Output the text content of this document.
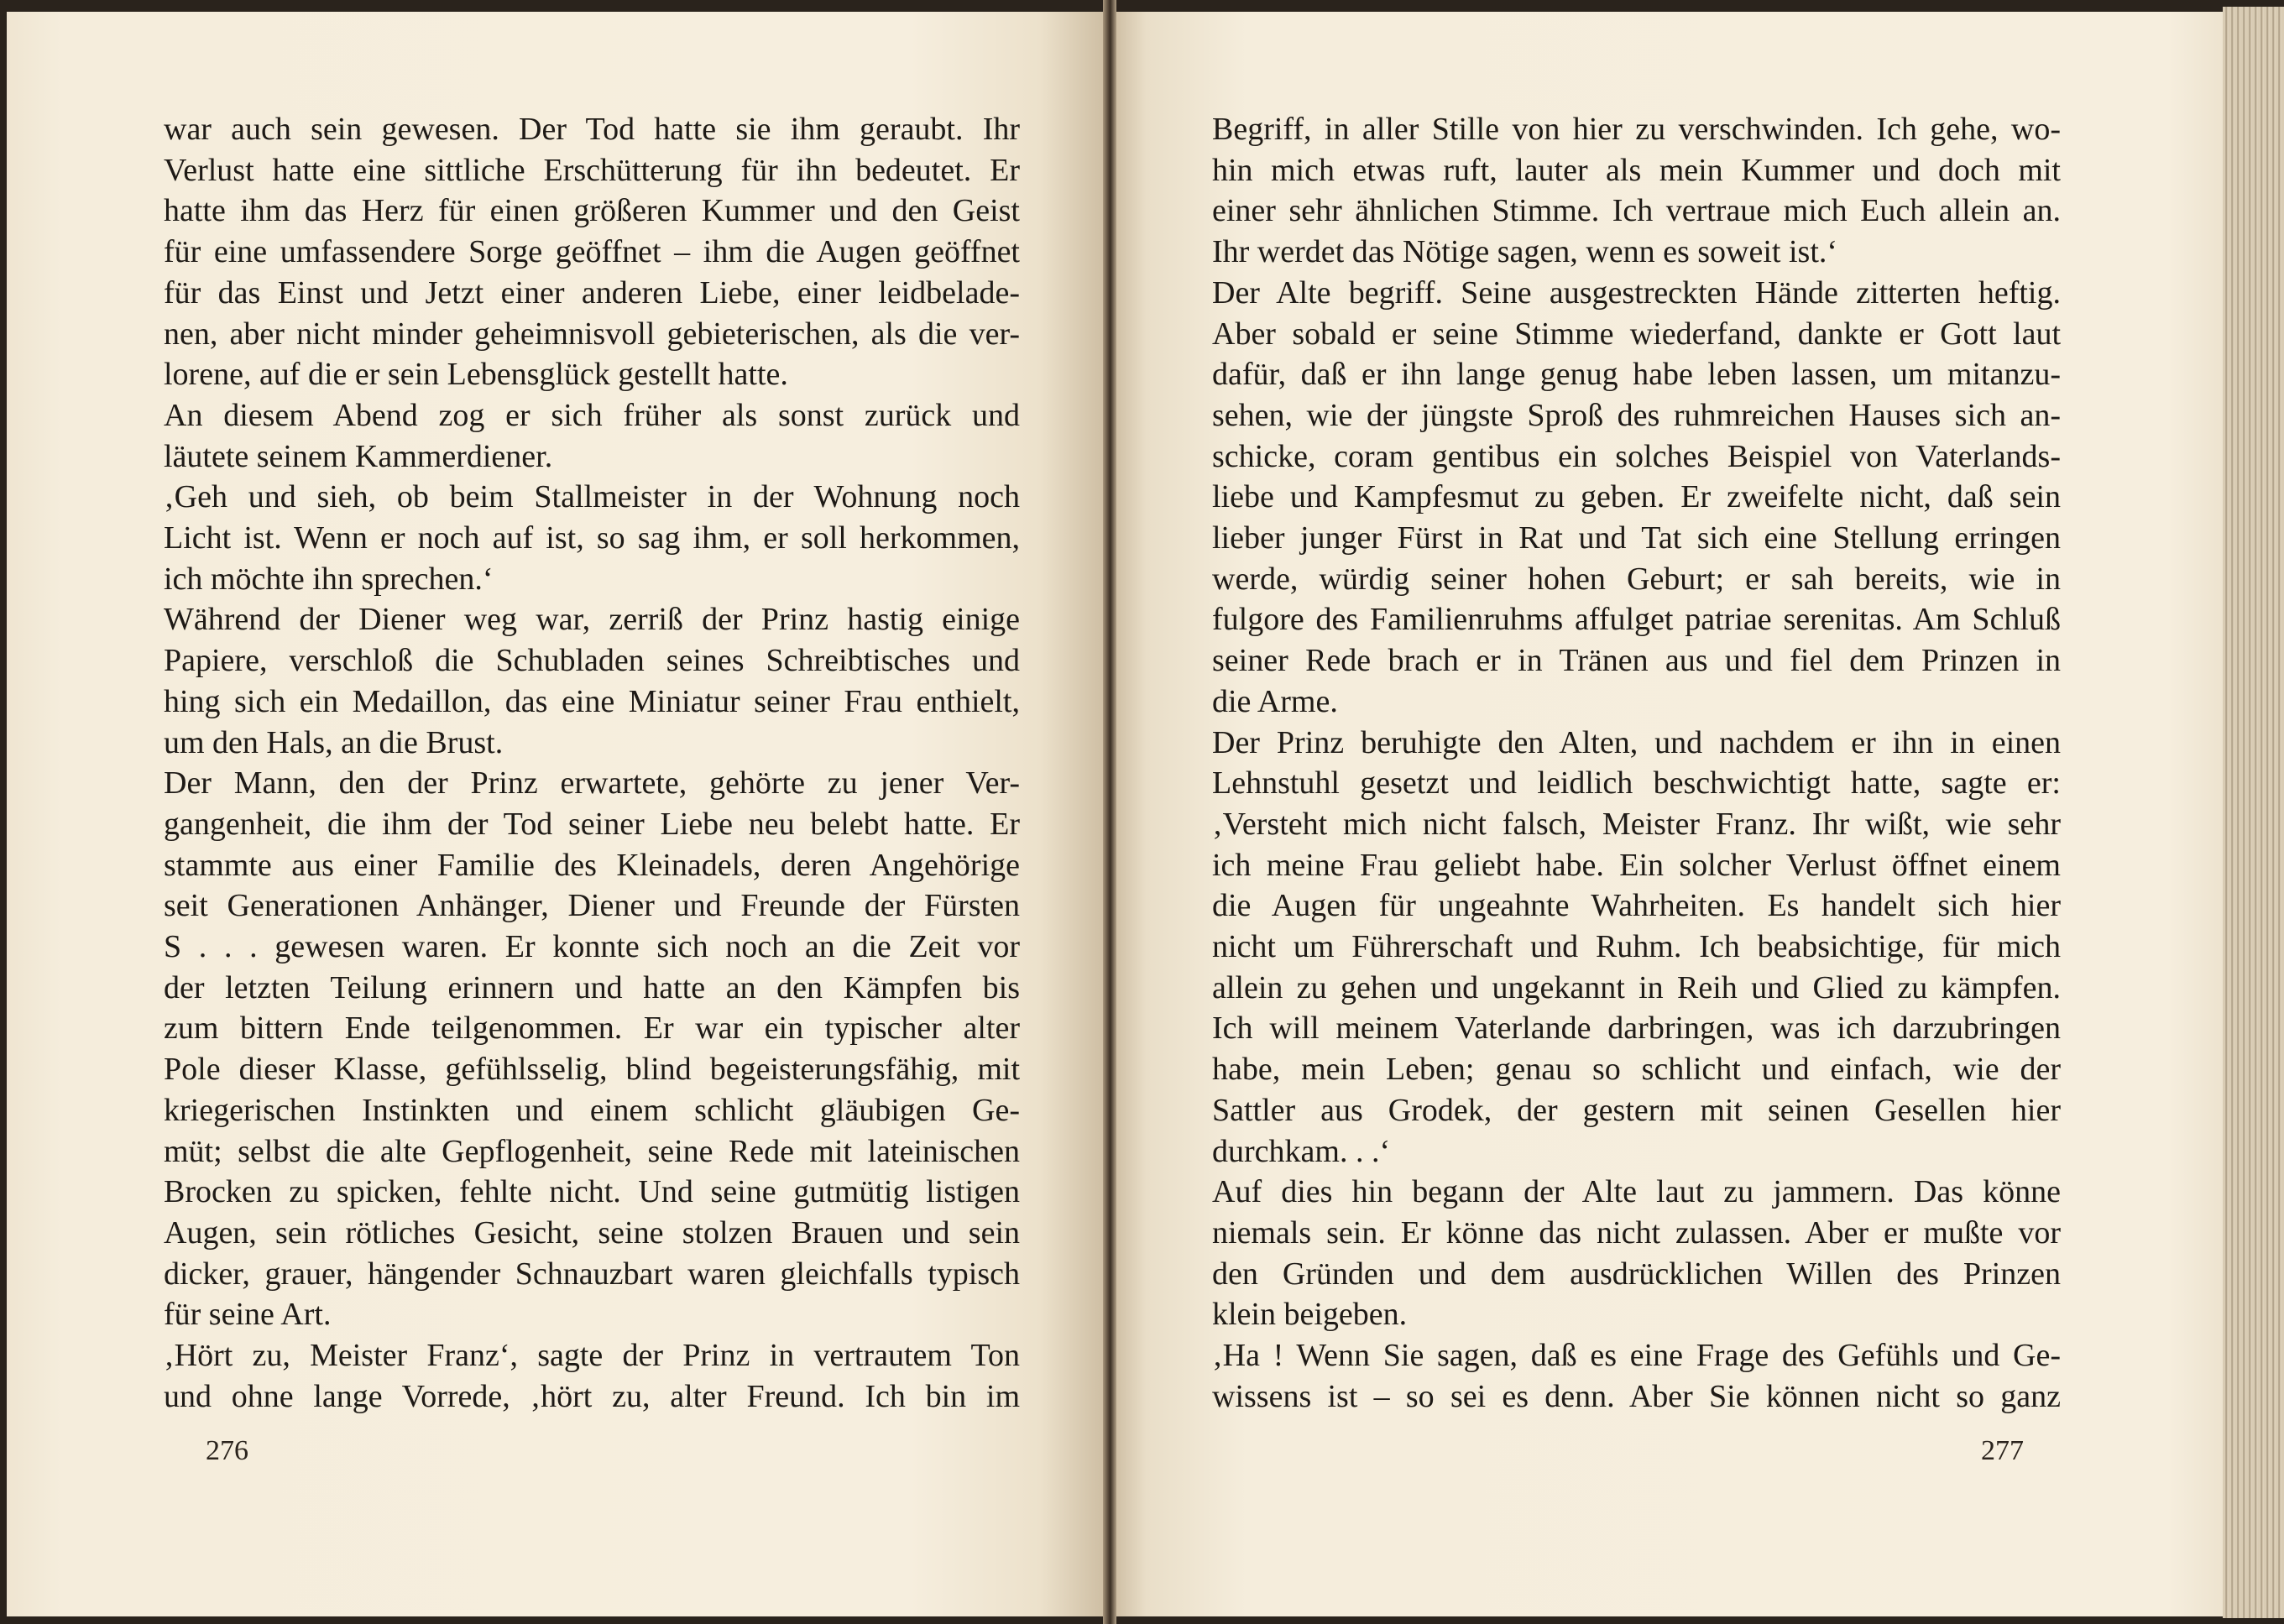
war auch sein gewesen. Der Tod hatte sie ihm geraubt. Ihr
Verlust hatte eine sittliche Erschütterung für ihn bedeutet. Er
hatte ihm das Herz für einen größeren Kummer und den Geist
für eine umfassendere Sorge geöffnet – ihm die Augen geöffnet
für das Einst und Jetzt einer anderen Liebe, einer leidbelade-
nen, aber nicht minder geheimnisvoll gebieterischen, als die ver-
lorene, auf die er sein Lebensglück gestellt hatte.
An diesem Abend zog er sich früher als sonst zurück und
läutete seinem Kammerdiener.
‚Geh und sieh, ob beim Stallmeister in der Wohnung noch
Licht ist. Wenn er noch auf ist, so sag ihm, er soll herkommen,
ich möchte ihn sprechen.‘
Während der Diener weg war, zerriß der Prinz hastig einige
Papiere, verschloß die Schubladen seines Schreibtisches und
hing sich ein Medaillon, das eine Miniatur seiner Frau enthielt,
um den Hals, an die Brust.
Der Mann, den der Prinz erwartete, gehörte zu jener Ver-
gangenheit, die ihm der Tod seiner Liebe neu belebt hatte. Er
stammte aus einer Familie des Kleinadels, deren Angehörige
seit Generationen Anhänger, Diener und Freunde der Fürsten
S . . . gewesen waren. Er konnte sich noch an die Zeit vor
der letzten Teilung erinnern und hatte an den Kämpfen bis
zum bittern Ende teilgenommen. Er war ein typischer alter
Pole dieser Klasse, gefühlsselig, blind begeisterungsfähig, mit
kriegerischen Instinkten und einem schlicht gläubigen Ge-
müt; selbst die alte Gepflogenheit, seine Rede mit lateinischen
Brocken zu spicken, fehlte nicht. Und seine gutmütig listigen
Augen, sein rötliches Gesicht, seine stolzen Brauen und sein
dicker, grauer, hängender Schnauzbart waren gleichfalls typisch
für seine Art.
‚Hört zu, Meister Franz‘, sagte der Prinz in vertrautem Ton
und ohne lange Vorrede, ‚hört zu, alter Freund. Ich bin im
Begriff, in aller Stille von hier zu verschwinden. Ich gehe, wo-
hin mich etwas ruft, lauter als mein Kummer und doch mit
einer sehr ähnlichen Stimme. Ich vertraue mich Euch allein an.
Ihr werdet das Nötige sagen, wenn es soweit ist.‘
Der Alte begriff. Seine ausgestreckten Hände zitterten heftig.
Aber sobald er seine Stimme wiederfand, dankte er Gott laut
dafür, daß er ihn lange genug habe leben lassen, um mitanzu-
sehen, wie der jüngste Sproß des ruhmreichen Hauses sich an-
schicke, coram gentibus ein solches Beispiel von Vaterlands-
liebe und Kampfesmut zu geben. Er zweifelte nicht, daß sein
lieber junger Fürst in Rat und Tat sich eine Stellung erringen
werde, würdig seiner hohen Geburt; er sah bereits, wie in
fulgore des Familienruhms affulget patriae serenitas. Am Schluß
seiner Rede brach er in Tränen aus und fiel dem Prinzen in
die Arme.
Der Prinz beruhigte den Alten, und nachdem er ihn in einen
Lehnstuhl gesetzt und leidlich beschwichtigt hatte, sagte er:
‚Versteht mich nicht falsch, Meister Franz. Ihr wißt, wie sehr
ich meine Frau geliebt habe. Ein solcher Verlust öffnet einem
die Augen für ungeahnte Wahrheiten. Es handelt sich hier
nicht um Führerschaft und Ruhm. Ich beabsichtige, für mich
allein zu gehen und ungekannt in Reih und Glied zu kämpfen.
Ich will meinem Vaterlande darbringen, was ich darzubringen
habe, mein Leben; genau so schlicht und einfach, wie der
Sattler aus Grodek, der gestern mit seinen Gesellen hier
durchkam. . .‘
Auf dies hin begann der Alte laut zu jammern. Das könne
niemals sein. Er könne das nicht zulassen. Aber er mußte vor
den Gründen und dem ausdrücklichen Willen des Prinzen
klein beigeben.
‚Ha ! Wenn Sie sagen, daß es eine Frage des Gefühls und Ge-
wissens ist – so sei es denn. Aber Sie können nicht so ganz
276	277
